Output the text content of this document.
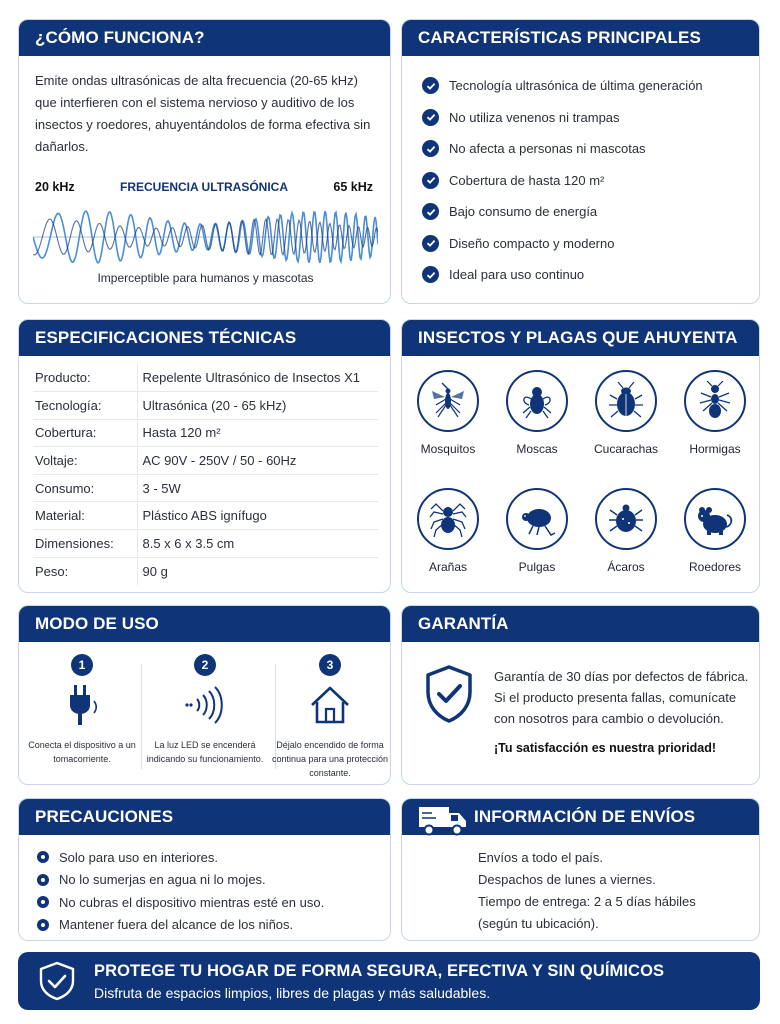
¿CÓMO FUNCIONA?

Emite ondas ultrasónicas de alta frecuencia (20-65 kHz) que interfieren con el sistema nervioso y auditivo de los insectos y roedores, ahuyentándolos de forma efectiva sin dañarlos.

20 kHz	FRECUENCIA ULTRASÓNICA	65 kHz
Imperceptible para humanos y mascotas
CARACTERÍSTICAS PRINCIPALES
Tecnología ultrasónica de última generación
No utiliza venenos ni trampas
No afecta a personas ni mascotas
Cobertura de hasta 120 m²
Bajo consumo de energía
Diseño compacto y moderno
Ideal para uso continuo
ESPECIFICACIONES TÉCNICAS
Producto:	Repelente Ultrasónico de Insectos X1
Tecnología:	Ultrasónica (20 - 65 kHz)
Cobertura:	Hasta 120 m²
Voltaje:	AC 90V - 250V / 50 - 60Hz
Consumo:	3 - 5W
Material:	Plástico ABS ignífugo
Dimensiones:	8.5 x 6 x 3.5 cm
Peso:	90 g
INSECTOS Y PLAGAS QUE AHUYENTA
Mosquitos	Moscas	Cucarachas	Hormigas
Arañas	Pulgas	Ácaros	Roedores
MODO DE USO
1
Conecta el dispositivo a un tomacorriente.
2
La luz LED se encenderá indicando su funcionamiento.
3
Déjalo encendido de forma continua para una protección constante.
GARANTÍA

Garantía de 30 días por defectos de fábrica. Si el producto presenta fallas, comunícate con nosotros para cambio o devolución.

¡Tu satisfacción es nuestra prioridad!
PRECAUCIONES
Solo para uso en interiores.
No lo sumerjas en agua ni lo mojes.
No cubras el dispositivo mientras esté en uso.
Mantener fuera del alcance de los niños.
INFORMACIÓN DE ENVÍOS
Envíos a todo el país.
Despachos de lunes a viernes.
Tiempo de entrega: 2 a 5 días hábiles
(según tu ubicación).
PROTEGE TU HOGAR DE FORMA SEGURA, EFECTIVA Y SIN QUÍMICOS
Disfruta de espacios limpios, libres de plagas y más saludables.
